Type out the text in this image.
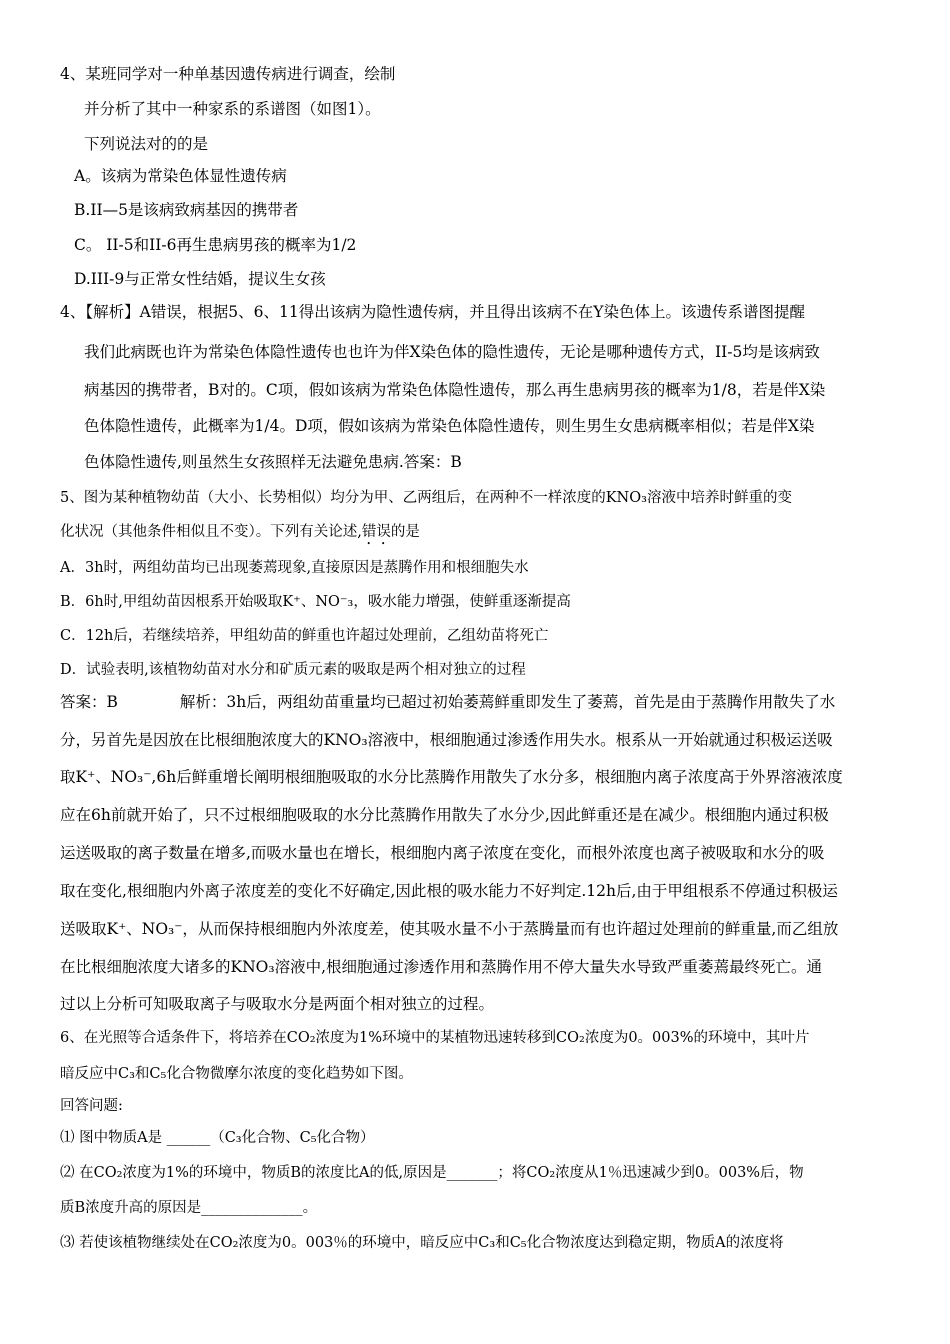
4、某班同学对一种单基因遗传病进行调查，绘制
并分析了其中一种家系的系谱图（如图1）。
下列说法对的的是
A。该病为常染色体显性遗传病
B.II—5是该病致病基因的携带者
C。 II-5和II-6再生患病男孩的概率为1/2
D.III-9与正常女性结婚，提议生女孩
4、【解析】A错误，根据5、6、11得出该病为隐性遗传病，并且得出该病不在Y染色体上。该遗传系谱图提醒
我们此病既也许为常染色体隐性遗传也也许为伴X染色体的隐性遗传，无论是哪种遗传方式，II-5均是该病致
病基因的携带者，B对的。C项，假如该病为常染色体隐性遗传，那么再生患病男孩的概率为1/8，若是伴X染
色体隐性遗传，此概率为1/4。D项，假如该病为常染色体隐性遗传，则生男生女患病概率相似；若是伴X染
色体隐性遗传,则虽然生女孩照样无法避免患病.答案：B
5、图为某种植物幼苗（大小、长势相似）均分为甲、乙两组后，在两种不一样浓度的KNO₃溶液中培养时鲜重的变
化状况（其他条件相似且不变）。下列有关论述,错误的是
A．3h时，两组幼苗均已出现萎蔫现象,直接原因是蒸腾作用和根细胞失水
B．6h时,甲组幼苗因根系开始吸取K⁺、NO⁻₃，吸水能力增强，使鲜重逐渐提高
C．12h后，若继续培养，甲组幼苗的鲜重也许超过处理前，乙组幼苗将死亡
D．试验表明,该植物幼苗对水分和矿质元素的吸取是两个相对独立的过程
答案：B　　　　解析：3h后，两组幼苗重量均已超过初始萎蔫鲜重即发生了萎蔫，首先是由于蒸腾作用散失了水
分，另首先是因放在比根细胞浓度大的KNO₃溶液中，根细胞通过渗透作用失水。根系从一开始就通过积极运送吸
取K⁺、NO₃⁻,6h后鲜重增长阐明根细胞吸取的水分比蒸腾作用散失了水分多，根细胞内离子浓度高于外界溶液浓度
应在6h前就开始了，只不过根细胞吸取的水分比蒸腾作用散失了水分少,因此鲜重还是在减少。根细胞内通过积极
运送吸取的离子数量在增多,而吸水量也在增长，根细胞内离子浓度在变化，而根外浓度也离子被吸取和水分的吸
取在变化,根细胞内外离子浓度差的变化不好确定,因此根的吸水能力不好判定.12h后,由于甲组根系不停通过积极运
送吸取K⁺、NO₃⁻，从而保持根细胞内外浓度差，使其吸水量不小于蒸腾量而有也许超过处理前的鲜重量,而乙组放
在比根细胞浓度大诸多的KNO₃溶液中,根细胞通过渗透作用和蒸腾作用不停大量失水导致严重萎蔫最终死亡。通
过以上分析可知吸取离子与吸取水分是两面个相对独立的过程。
6、在光照等合适条件下，将培养在CO₂浓度为1%环境中的某植物迅速转移到CO₂浓度为0。003%的环境中，其叶片
暗反应中C₃和C₅化合物微摩尔浓度的变化趋势如下图。
回答问题:
⑴ 图中物质A是 ______（C₃化合物、C₅化合物）
⑵ 在CO₂浓度为1%的环境中，物质B的浓度比A的低,原因是_______；将CO₂浓度从1％迅速减少到0。003%后，物
质B浓度升高的原因是______________。
⑶ 若使该植物继续处在CO₂浓度为0。003％的环境中，暗反应中C₃和C₅化合物浓度达到稳定期，物质A的浓度将
